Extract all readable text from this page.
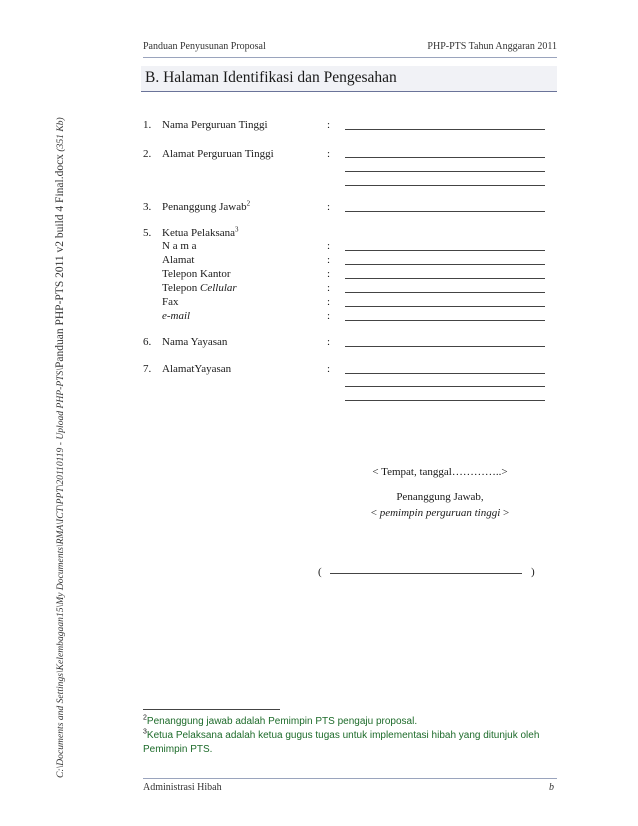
C:\Documents and Settings\Kelembagaan15\My Documents\RMA\ICT\PPT\20110119 - Upload PHP-PTS\Panduan PHP-PTS 2011 v2 build 4 Final.docx (351 Kb)
Panduan Penyusunan Proposal	PHP-PTS Tahun Anggaran 2011
B. Halaman Identifikasi dan Pengesahan
1. Nama Perguruan Tinggi	:
2. Alamat Perguruan Tinggi	:
3. Penanggung Jawab$^2$	:
5. Ketua Pelaksana$^3$
N a m a	:
Alamat	:
Telepon Kantor	:
Telepon Cellular	:
Fax	:
e-mail	:
6. Nama Yayasan	:
7. AlamatYayasan	:
< Tempat, tanggal…………..>
Penanggung Jawab,
< pemimpin perguruan tinggi >
(	)
$^2$Penanggung jawab adalah Pemimpin PTS pengaju proposal.
$^3$Ketua Pelaksana adalah ketua gugus tugas untuk implementasi hibah yang ditunjuk oleh Pemimpin PTS.
Administrasi Hibah	b
